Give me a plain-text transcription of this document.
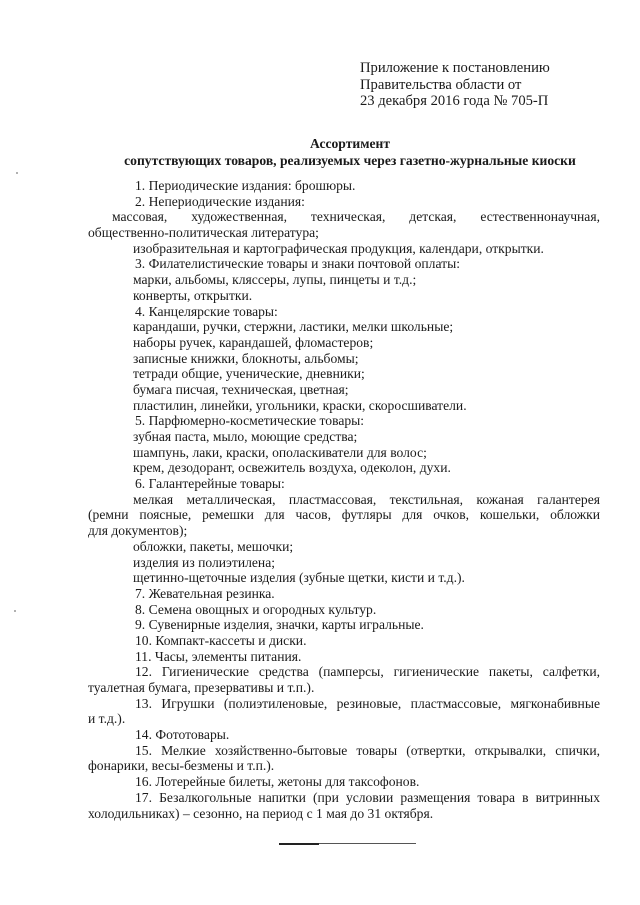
Приложение к постановлению
Правительства области от
23 декабря 2016 года № 705-П
Ассортимент
сопутствующих товаров, реализуемых через газетно-журнальные киоски
1. Периодические издания: брошюры.
2. Непериодические издания:
массовая, художественная, техническая, детская, естественнонаучная,
общественно-политическая литература;
изобразительная и картографическая продукция, календари, открытки.
3. Филателистические товары и знаки почтовой оплаты:
марки, альбомы, кляссеры, лупы, пинцеты и т.д.;
конверты, открытки.
4. Канцелярские товары:
карандаши, ручки, стержни, ластики, мелки школьные;
наборы ручек, карандашей, фломастеров;
записные книжки, блокноты, альбомы;
тетради общие, ученические, дневники;
бумага писчая, техническая, цветная;
пластилин, линейки, угольники, краски, скоросшиватели.
5. Парфюмерно-косметические товары:
зубная паста, мыло, моющие средства;
шампунь, лаки, краски, ополаскиватели для волос;
крем, дезодорант, освежитель воздуха, одеколон, духи.
6. Галантерейные товары:
мелкая металлическая, пластмассовая, текстильная, кожаная галантерея
(ремни поясные, ремешки для часов, футляры для очков, кошельки, обложки
для документов);
обложки, пакеты, мешочки;
изделия из полиэтилена;
щетинно-щеточные изделия (зубные щетки, кисти и т.д.).
7. Жевательная резинка.
8. Семена овощных и огородных культур.
9. Сувенирные изделия, значки, карты игральные.
10. Компакт-кассеты и диски.
11. Часы, элементы питания.
12. Гигиенические средства (памперсы, гигиенические пакеты, салфетки,
туалетная бумага, презервативы и т.п.).
13. Игрушки (полиэтиленовые, резиновые, пластмассовые, мягконабивные
и т.д.).
14. Фототовары.
15. Мелкие хозяйственно-бытовые товары (отвертки, открывалки, спички,
фонарики, весы-безмены и т.п.).
16. Лотерейные билеты, жетоны для таксофонов.
17. Безалкогольные напитки (при условии размещения товара в витринных
холодильниках) – сезонно, на период с 1 мая до 31 октября.
